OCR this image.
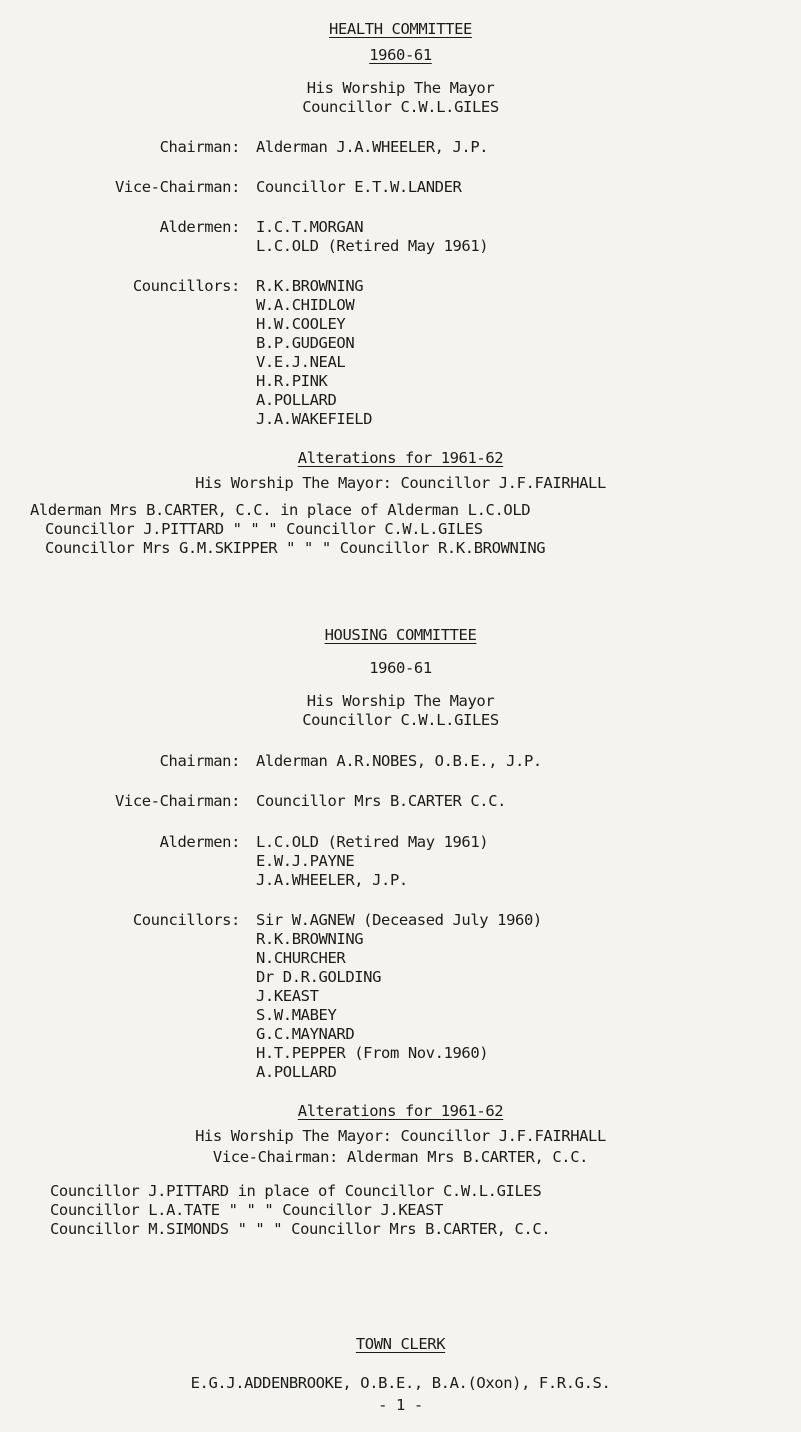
HEALTH COMMITTEE
1960-61
His Worship The Mayor
Councillor C.W.L.GILES
Chairman: Alderman J.A.WHEELER, J.P.
Vice-Chairman: Councillor E.T.W.LANDER
Aldermen: I.C.T.MORGAN
L.C.OLD (Retired May 1961)
Councillors: R.K.BROWNING
W.A.CHIDLOW
H.W.COOLEY
B.P.GUDGEON
V.E.J.NEAL
H.R.PINK
A.POLLARD
J.A.WAKEFIELD
Alterations for 1961-62
His Worship The Mayor: Councillor J.F.FAIRHALL
Alderman Mrs B.CARTER, C.C. in place of Alderman L.C.OLD
Councillor J.PITTARD " " " Councillor C.W.L.GILES
Councillor Mrs G.M.SKIPPER " " " Councillor R.K.BROWNING
HOUSING COMMITTEE
1960-61
His Worship The Mayor
Councillor C.W.L.GILES
Chairman: Alderman A.R.NOBES, O.B.E., J.P.
Vice-Chairman: Councillor Mrs B.CARTER C.C.
Aldermen: L.C.OLD (Retired May 1961)
E.W.J.PAYNE
J.A.WHEELER, J.P.
Councillors: Sir W.AGNEW (Deceased July 1960)
R.K.BROWNING
N.CHURCHER
Dr D.R.GOLDING
J.KEAST
S.W.MABEY
G.C.MAYNARD
H.T.PEPPER (From Nov.1960)
A.POLLARD
Alterations for 1961-62
His Worship The Mayor: Councillor J.F.FAIRHALL
Vice-Chairman: Alderman Mrs B.CARTER, C.C.
Councillor J.PITTARD in place of Councillor C.W.L.GILES
Councillor L.A.TATE " " " Councillor J.KEAST
Councillor M.SIMONDS " " " Councillor Mrs B.CARTER, C.C.
TOWN CLERK
E.G.J.ADDENBROOKE, O.B.E., B.A.(Oxon), F.R.G.S.
- 1 -
